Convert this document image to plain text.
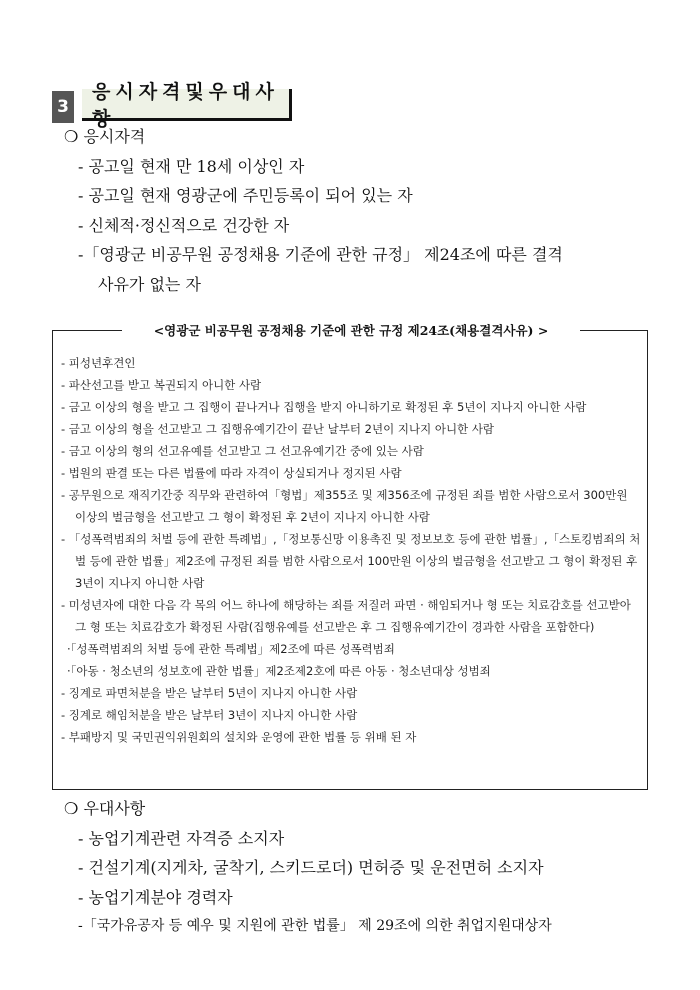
3
응시자격및우대사항
❍ 응시자격
- 공고일 현재 만 18세 이상인 자
- 공고일 현재 영광군에 주민등록이 되어 있는 자
- 신체적·정신적으로 건강한 자
-「영광군 비공무원 공정채용 기준에 관한 규정」 제24조에 따른 결격
사유가 없는 자
<영광군 비공무원 공정채용 기준에 관한 규정 제24조(채용결격사유) >
- 피성년후견인
- 파산선고를 받고 복권되지 아니한 사람
- 금고 이상의 형을 받고 그 집행이 끝나거나 집행을 받지 아니하기로 확정된 후 5년이 지나지 아니한 사람
- 금고 이상의 형을 선고받고 그 집행유예기간이 끝난 날부터 2년이 지나지 아니한 사람
- 금고 이상의 형의 선고유예를 선고받고 그 선고유예기간 중에 있는 사람
- 법원의 판결 또는 다른 법률에 따라 자격이 상실되거나 정지된 사람
- 공무원으로 재직기간중 직무와 관련하여「형법」제355조 및 제356조에 규정된 죄를 범한 사람으로서 300만원 이상의 벌금형을 선고받고 그 형이 확정된 후 2년이 지나지 아니한 사람
- 「성폭력범죄의 처벌 등에 관한 특례법」,「정보통신망 이용촉진 및 정보보호 등에 관한 법률」,「스토킹범죄의 처벌 등에 관한 법률」제2조에 규정된 죄를 범한 사람으로서 100만원 이상의 벌금형을 선고받고 그 형이 확정된 후 3년이 지나지 아니한 사람
- 미성년자에 대한 다음 각 목의 어느 하나에 해당하는 죄를 저질러 파면 · 해임되거나 형 또는 치료감호를 선고받아 그 형 또는 치료감호가 확정된 사람(집행유예를 선고받은 후 그 집행유예기간이 경과한 사람을 포함한다)
·「성폭력범죄의 처벌 등에 관한 특례법」제2조에 따른 성폭력범죄
·「아동 · 청소년의 성보호에 관한 법률」제2조제2호에 따른 아동 · 청소년대상 성범죄
- 징계로 파면처분을 받은 날부터 5년이 지나지 아니한 사람
- 징계로 해임처분을 받은 날부터 3년이 지나지 아니한 사람
- 부패방지 및 국민권익위원회의 설치와 운영에 관한 법률 등 위배 된 자
❍ 우대사항
- 농업기계관련 자격증 소지자
- 건설기계(지게차, 굴착기, 스키드로더) 면허증 및 운전면허 소지자
- 농업기계분야 경력자
-「국가유공자 등 예우 및 지원에 관한 법률」 제 29조에 의한 취업지원대상자
